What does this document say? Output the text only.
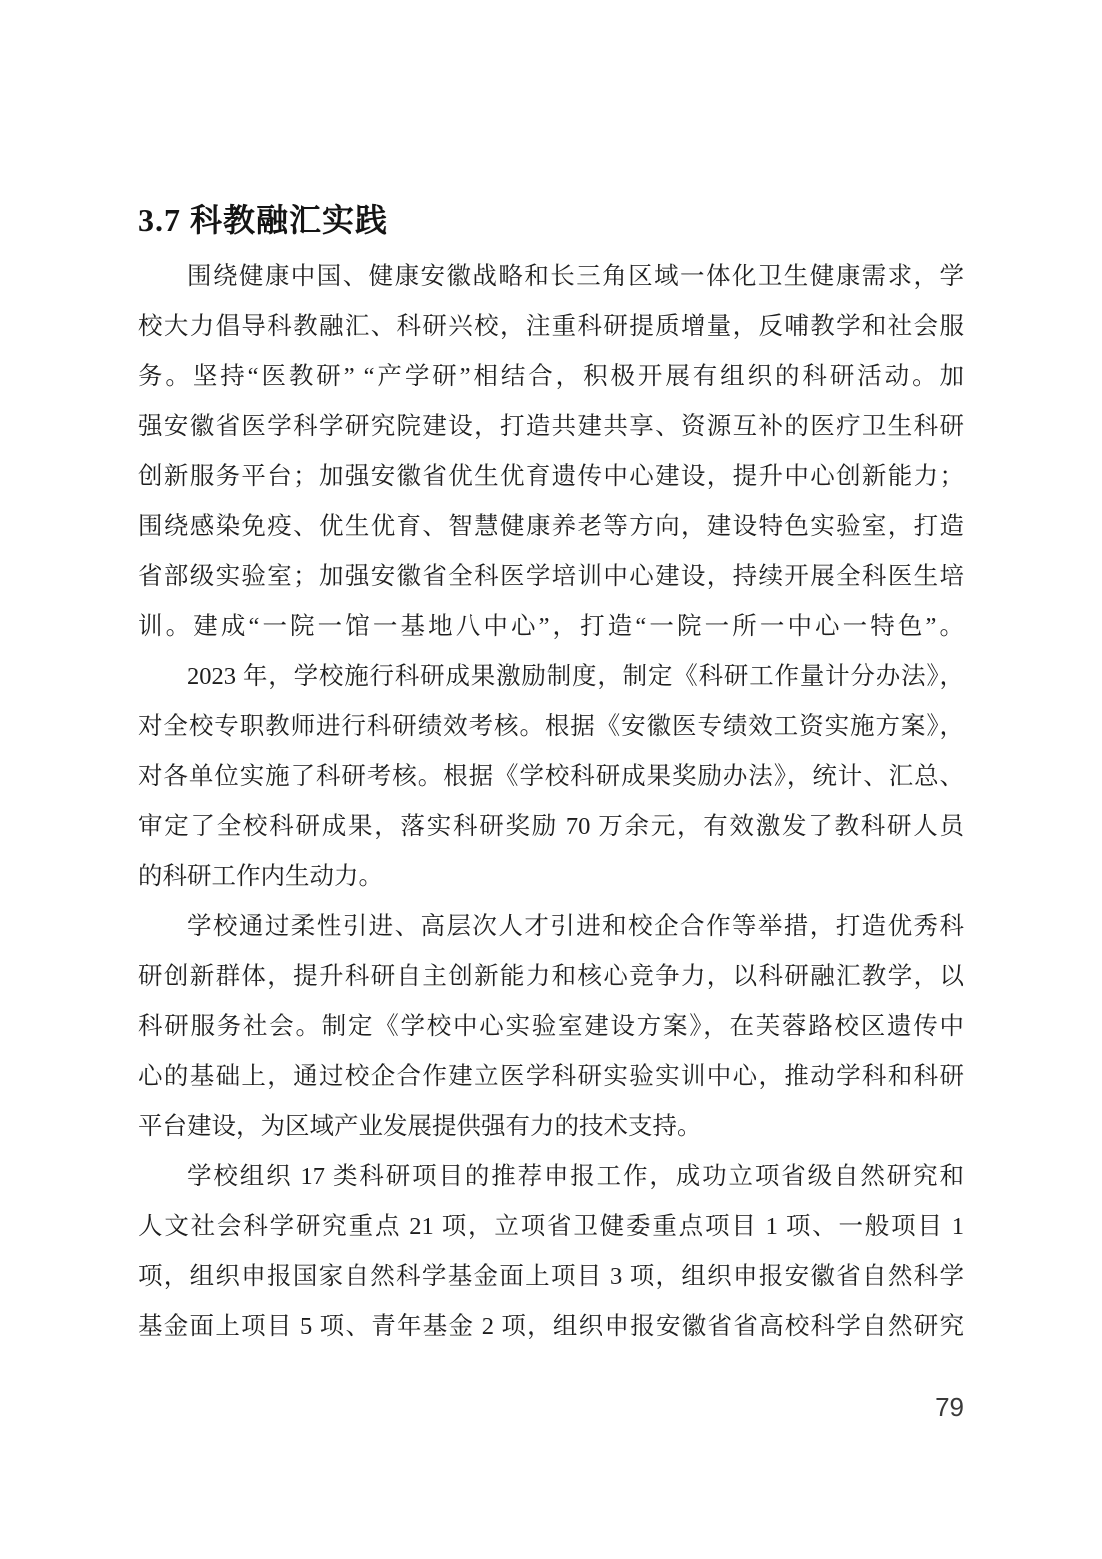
3.7 科教融汇实践
围绕健康中国、健康安徽战略和长三角区域一体化卫生健康需求，学
校大力倡导科教融汇、科研兴校，注重科研提质增量，反哺教学和社会服
务。坚持“医教研” “产学研”相结合，积极开展有组织的科研活动。加
强安徽省医学科学研究院建设，打造共建共享、资源互补的医疗卫生科研
创新服务平台；加强安徽省优生优育遗传中心建设，提升中心创新能力；
围绕感染免疫、优生优育、智慧健康养老等方向，建设特色实验室，打造
省部级实验室；加强安徽省全科医学培训中心建设，持续开展全科医生培
训。建成“一院一馆一基地八中心”，打造“一院一所一中心一特色”。
2023 年，学校施行科研成果激励制度，制定《科研工作量计分办法》，
对全校专职教师进行科研绩效考核。根据《安徽医专绩效工资实施方案》，
对各单位实施了科研考核。根据《学校科研成果奖励办法》，统计、汇总、
审定了全校科研成果，落实科研奖励 70 万余元，有效激发了教科研人员
的科研工作内生动力。
学校通过柔性引进、高层次人才引进和校企合作等举措，打造优秀科
研创新群体，提升科研自主创新能力和核心竞争力，以科研融汇教学，以
科研服务社会。制定《学校中心实验室建设方案》，在芙蓉路校区遗传中
心的基础上，通过校企合作建立医学科研实验实训中心，推动学科和科研
平台建设，为区域产业发展提供强有力的技术支持。
学校组织 17 类科研项目的推荐申报工作，成功立项省级自然研究和
人文社会科学研究重点 21 项，立项省卫健委重点项目 1 项、一般项目 1
项，组织申报国家自然科学基金面上项目 3 项，组织申报安徽省自然科学
基金面上项目 5 项、青年基金 2 项，组织申报安徽省省高校科学自然研究
79
